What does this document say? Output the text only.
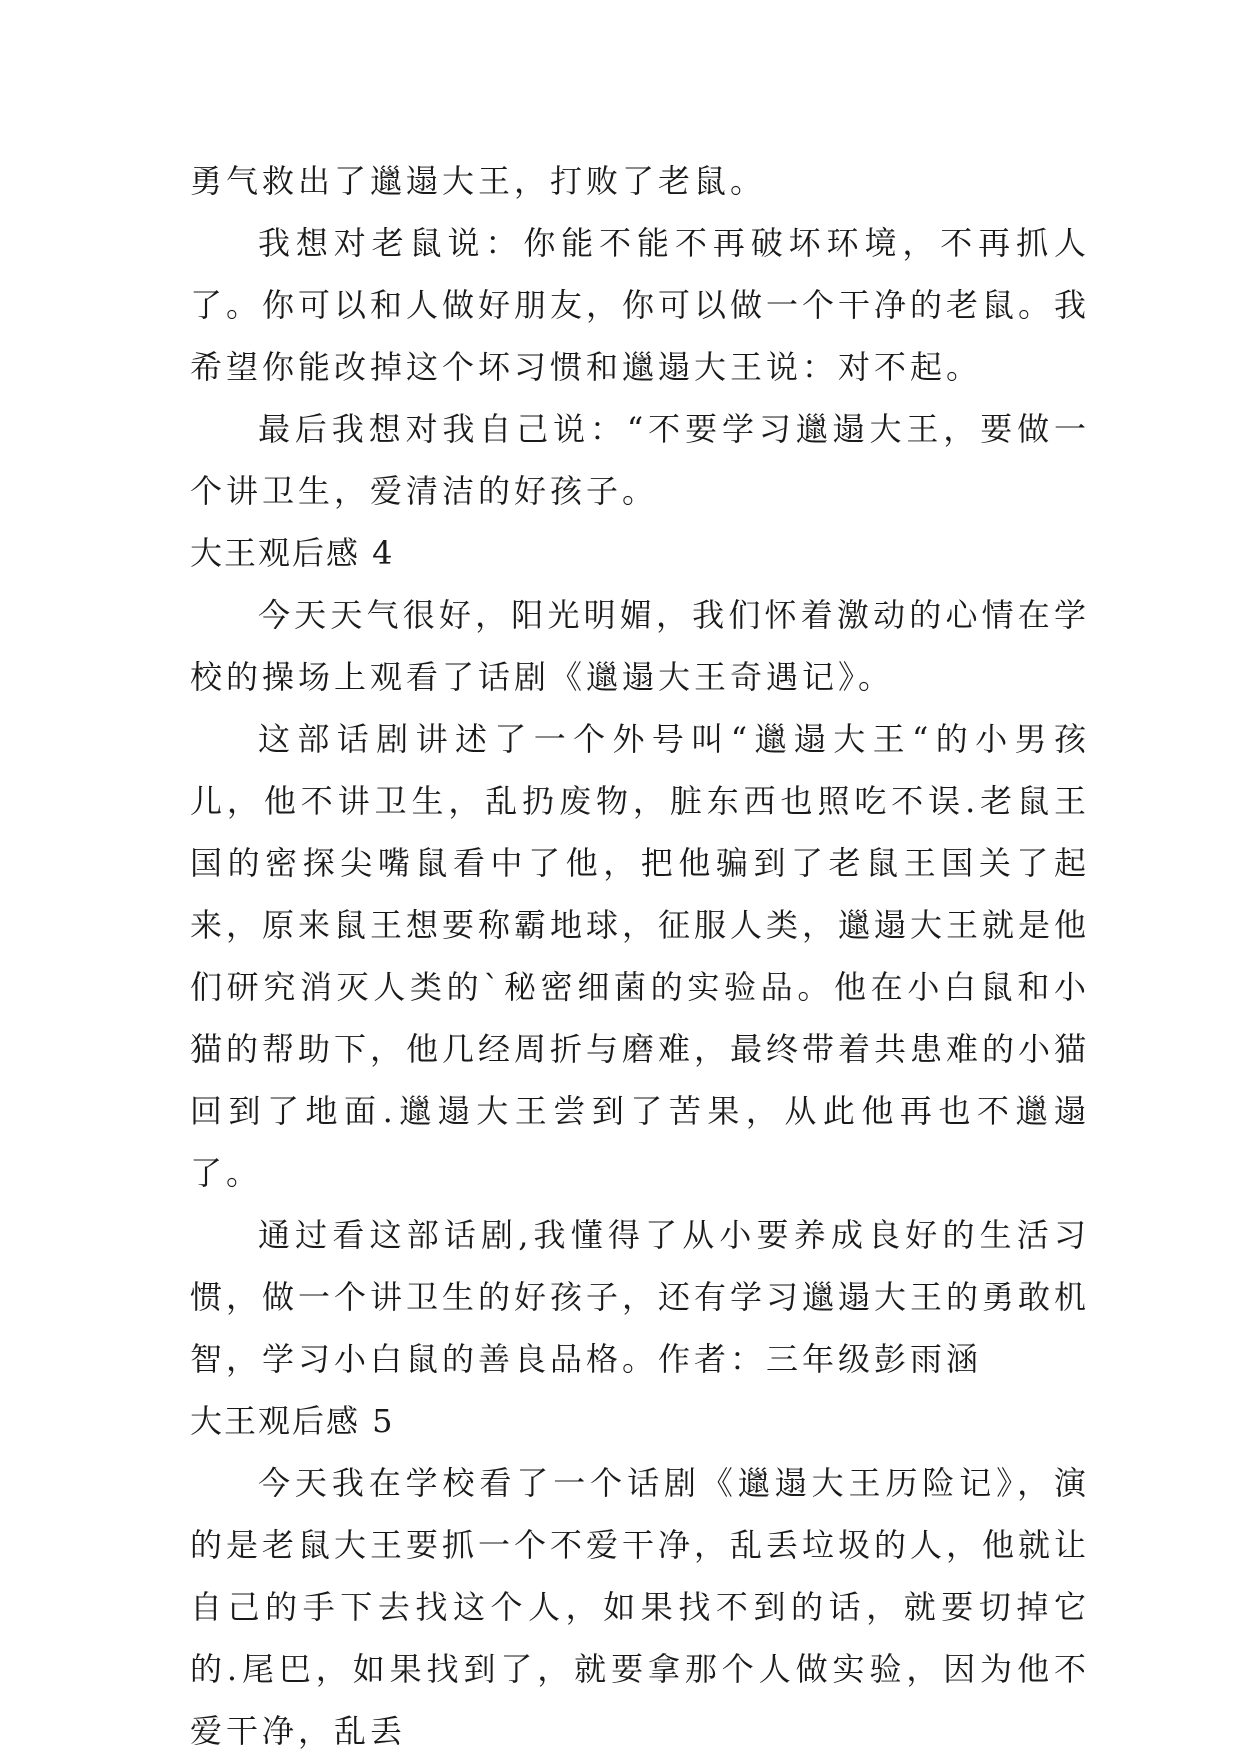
勇气救出了邋遢大王，打败了老鼠。

我想对老鼠说：你能不能不再破坏环境，不再抓人了。你可以和人做好朋友，你可以做一个干净的老鼠。我希望你能改掉这个坏习惯和邋遢大王说：对不起。

最后我想对我自己说：“不要学习邋遢大王，要做一个讲卫生，爱清洁的好孩子。

大王观后感 4

今天天气很好，阳光明媚，我们怀着激动的心情在学校的操场上观看了话剧《邋遢大王奇遇记》。

这部话剧讲述了一个外号叫“邋遢大王“的小男孩儿，他不讲卫生，乱扔废物，脏东西也照吃不误.老鼠王国的密探尖嘴鼠看中了他，把他骗到了老鼠王国关了起来，原来鼠王想要称霸地球，征服人类，邋遢大王就是他们研究消灭人类的`秘密细菌的实验品。他在小白鼠和小猫的帮助下，他几经周折与磨难，最终带着共患难的小猫回到了地面.邋遢大王尝到了苦果，从此他再也不邋遢了。

通过看这部话剧,我懂得了从小要养成良好的生活习惯，做一个讲卫生的好孩子，还有学习邋遢大王的勇敢机智，学习小白鼠的善良品格。作者：三年级彭雨涵

大王观后感 5

今天我在学校看了一个话剧《邋遢大王历险记》，演的是老鼠大王要抓一个不爱干净，乱丢垃圾的人，他就让自己的手下去找这个人，如果找不到的话，就要切掉它的.尾巴，如果找到了，就要拿那个人做实验，因为他不爱干净，乱丢
